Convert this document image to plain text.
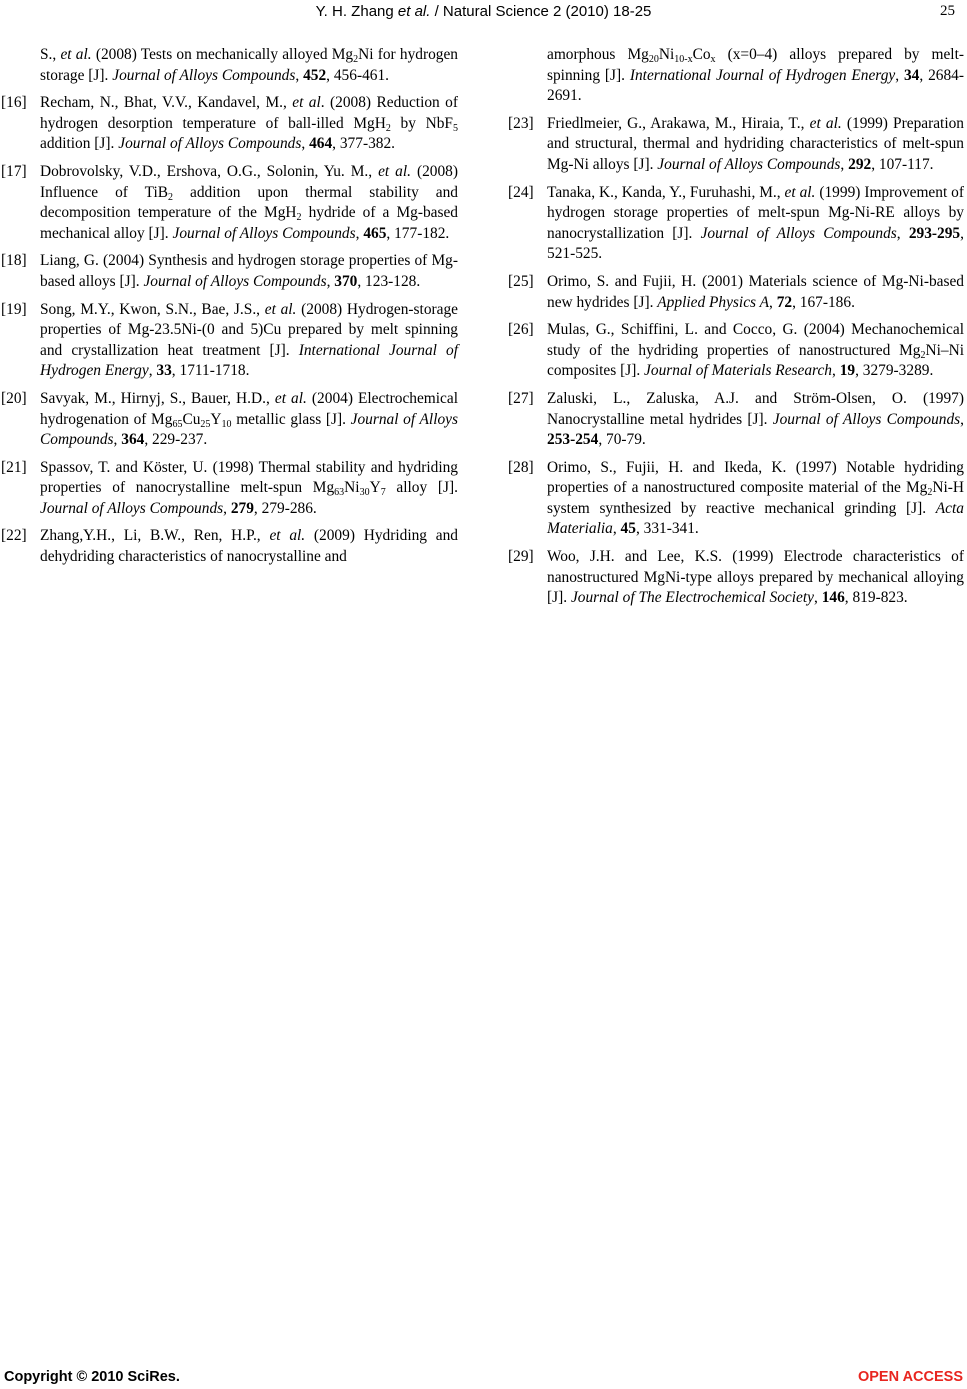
Y. H. Zhang et al. / Natural Science 2 (2010) 18-25	25

S., et al. (2008) Tests on mechanically alloyed $Mg_2Ni$ for hydrogen storage [J]. Journal of Alloys Compounds, 452, 456-461.

[16] Recham, N., Bhat, V.V., Kandavel, M., et al. (2008) Reduction of hydrogen desorption temperature of ball-illed MgH$_2$ by NbF$_5$ addition [J]. Journal of Alloys Compounds, 464, 377-382.

[17] Dobrovolsky, V.D., Ershova, O.G., Solonin, Yu. M., et al. (2008) Influence of TiB$_2$ addition upon thermal stability and decomposition temperature of the MgH$_2$ hydride of a Mg-based mechanical alloy [J]. Journal of Alloys Compounds, 465, 177-182.

[18] Liang, G. (2004) Synthesis and hydrogen storage properties of Mg-based alloys [J]. Journal of Alloys Compounds, 370, 123-128.

[19] Song, M.Y., Kwon, S.N., Bae, J.S., et al. (2008) Hydrogen-storage properties of Mg-23.5Ni-(0 and 5)Cu prepared by melt spinning and crystallization heat treatment [J]. International Journal of Hydrogen Energy, 33, 1711-1718.

[20] Savyak, M., Hirnyj, S., Bauer, H.D., et al. (2004) Electrochemical hydrogenation of $Mg_{65}Cu_{25}Y_{10}$ metallic glass [J]. Journal of Alloys Compounds, 364, 229-237.

[21] Spassov, T. and Köster, U. (1998) Thermal stability and hydriding properties of nanocrystalline melt-spun $Mg_{63}Ni_{30}Y_7$ alloy [J]. Journal of Alloys Compounds, 279, 279-286.

[22] Zhang,Y.H., Li, B.W., Ren, H.P., et al. (2009) Hydriding and dehydriding characteristics of nanocrystalline and

amorphous $Mg_{20}Ni_{10-x}Co_x$ (x=0–4) alloys prepared by melt-spinning [J]. International Journal of Hydrogen Energy, 34, 2684-2691.

[23] Friedlmeier, G., Arakawa, M., Hiraia, T., et al. (1999) Preparation and structural, thermal and hydriding characteristics of melt-spun Mg-Ni alloys [J]. Journal of Alloys Compounds, 292, 107-117.

[24] Tanaka, K., Kanda, Y., Furuhashi, M., et al. (1999) Improvement of hydrogen storage properties of melt-spun Mg-Ni-RE alloys by nanocrystallization [J]. Journal of Alloys Compounds, 293-295, 521-525.

[25] Orimo, S. and Fujii, H. (2001) Materials science of Mg-Ni-based new hydrides [J]. Applied Physics A, 72, 167-186.

[26] Mulas, G., Schiffini, L. and Cocco, G. (2004) Mechanochemical study of the hydriding properties of nanostructured $Mg_2Ni-Ni$ composites [J]. Journal of Materials Research, 19, 3279-3289.

[27] Zaluski, L., Zaluska, A.J. and Ström-Olsen, O. (1997) Nanocrystalline metal hydrides [J]. Journal of Alloys Compounds, 253-254, 70-79.

[28] Orimo, S., Fujii, H. and Ikeda, K. (1997) Notable hydriding properties of a nanostructured composite material of the $Mg_2Ni-H$ system synthesized by reactive mechanical grinding [J]. Acta Materialia, 45, 331-341.

[29] Woo, J.H. and Lee, K.S. (1999) Electrode characteristics of nanostructured MgNi-type alloys prepared by mechanical alloying [J]. Journal of The Electrochemical Society, 146, 819-823.

Copyright © 2010 SciRes.	OPEN ACCESS
